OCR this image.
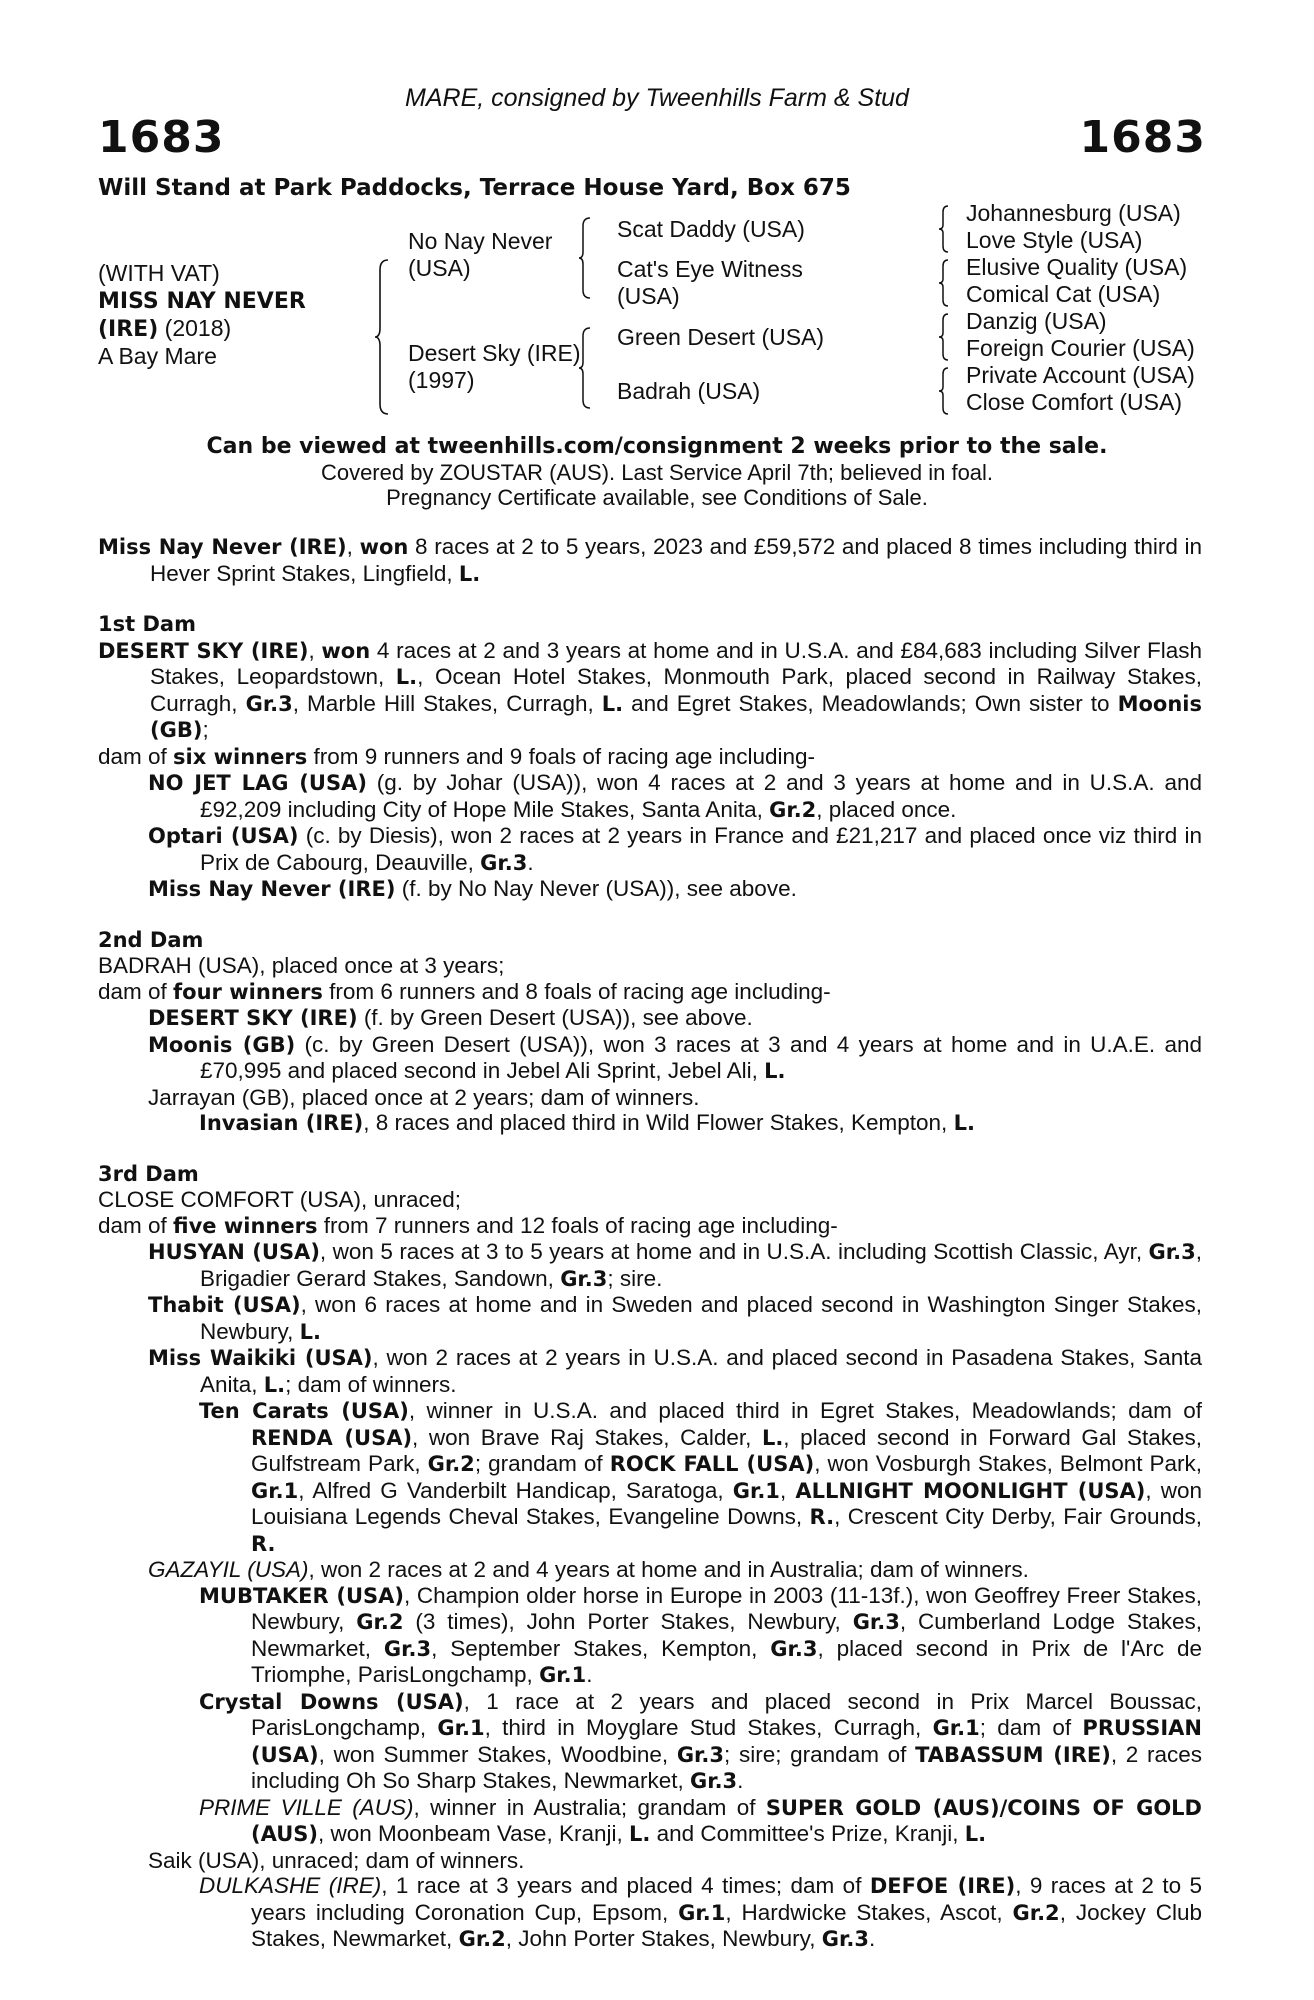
MARE, consigned by Tweenhills Farm & Stud
1683	1683
Will Stand at Park Paddocks, Terrace House Yard, Box 675
(WITH VAT)
MISS NAY NEVER
(IRE) (2018)
A Bay Mare
No Nay Never
(USA)
Desert Sky (IRE)
(1997)
Scat Daddy (USA)
Cat's Eye Witness
(USA)
Green Desert (USA)
Badrah (USA)
Johannesburg (USA)
Love Style (USA)
Elusive Quality (USA)
Comical Cat (USA)
Danzig (USA)
Foreign Courier (USA)
Private Account (USA)
Close Comfort (USA)
Can be viewed at tweenhills.com/consignment 2 weeks prior to the sale.
Covered by ZOUSTAR (AUS). Last Service April 7th; believed in foal.
Pregnancy Certificate available, see Conditions of Sale.

Miss Nay Never (IRE), won 8 races at 2 to 5 years, 2023 and £59,572 and placed 8 times including third in Hever Sprint Stakes, Lingfield, L.

1st Dam

DESERT SKY (IRE), won 4 races at 2 and 3 years at home and in U.S.A. and £84,683 including Silver Flash Stakes, Leopardstown, L., Ocean Hotel Stakes, Monmouth Park, placed second in Railway Stakes, Curragh, Gr.3, Marble Hill Stakes, Curragh, L. and Egret Stakes, Meadowlands; Own sister to Moonis (GB);

dam of six winners from 9 runners and 9 foals of racing age including-

NO JET LAG (USA) (g. by Johar (USA)), won 4 races at 2 and 3 years at home and in U.S.A. and £92,209 including City of Hope Mile Stakes, Santa Anita, Gr.2, placed once.

Optari (USA) (c. by Diesis), won 2 races at 2 years in France and £21,217 and placed once viz third in Prix de Cabourg, Deauville, Gr.3.

Miss Nay Never (IRE) (f. by No Nay Never (USA)), see above.

2nd Dam

BADRAH (USA), placed once at 3 years;

dam of four winners from 6 runners and 8 foals of racing age including-

DESERT SKY (IRE) (f. by Green Desert (USA)), see above.

Moonis (GB) (c. by Green Desert (USA)), won 3 races at 3 and 4 years at home and in U.A.E. and £70,995 and placed second in Jebel Ali Sprint, Jebel Ali, L.

Jarrayan (GB), placed once at 2 years; dam of winners.

Invasian (IRE), 8 races and placed third in Wild Flower Stakes, Kempton, L.

3rd Dam

CLOSE COMFORT (USA), unraced;

dam of five winners from 7 runners and 12 foals of racing age including-

HUSYAN (USA), won 5 races at 3 to 5 years at home and in U.S.A. including Scottish Classic, Ayr, Gr.3, Brigadier Gerard Stakes, Sandown, Gr.3; sire.

Thabit (USA), won 6 races at home and in Sweden and placed second in Washington Singer Stakes, Newbury, L.

Miss Waikiki (USA), won 2 races at 2 years in U.S.A. and placed second in Pasadena Stakes, Santa Anita, L.; dam of winners.

Ten Carats (USA), winner in U.S.A. and placed third in Egret Stakes, Meadowlands; dam of RENDA (USA), won Brave Raj Stakes, Calder, L., placed second in Forward Gal Stakes, Gulfstream Park, Gr.2; grandam of ROCK FALL (USA), won Vosburgh Stakes, Belmont Park, Gr.1, Alfred G Vanderbilt Handicap, Saratoga, Gr.1, ALLNIGHT MOONLIGHT (USA), won Louisiana Legends Cheval Stakes, Evangeline Downs, R., Crescent City Derby, Fair Grounds, R.

GAZAYIL (USA), won 2 races at 2 and 4 years at home and in Australia; dam of winners.

MUBTAKER (USA), Champion older horse in Europe in 2003 (11-13f.), won Geoffrey Freer Stakes, Newbury, Gr.2 (3 times), John Porter Stakes, Newbury, Gr.3, Cumberland Lodge Stakes, Newmarket, Gr.3, September Stakes, Kempton, Gr.3, placed second in Prix de l'Arc de Triomphe, ParisLongchamp, Gr.1.

Crystal Downs (USA), 1 race at 2 years and placed second in Prix Marcel Boussac, ParisLongchamp, Gr.1, third in Moyglare Stud Stakes, Curragh, Gr.1; dam of PRUSSIAN (USA), won Summer Stakes, Woodbine, Gr.3; sire; grandam of TABASSUM (IRE), 2 races including Oh So Sharp Stakes, Newmarket, Gr.3.

PRIME VILLE (AUS), winner in Australia; grandam of SUPER GOLD (AUS)/COINS OF GOLD (AUS), won Moonbeam Vase, Kranji, L. and Committee's Prize, Kranji, L.

Saik (USA), unraced; dam of winners.

DULKASHE (IRE), 1 race at 3 years and placed 4 times; dam of DEFOE (IRE), 9 races at 2 to 5 years including Coronation Cup, Epsom, Gr.1, Hardwicke Stakes, Ascot, Gr.2, Jockey Club Stakes, Newmarket, Gr.2, John Porter Stakes, Newbury, Gr.3.
